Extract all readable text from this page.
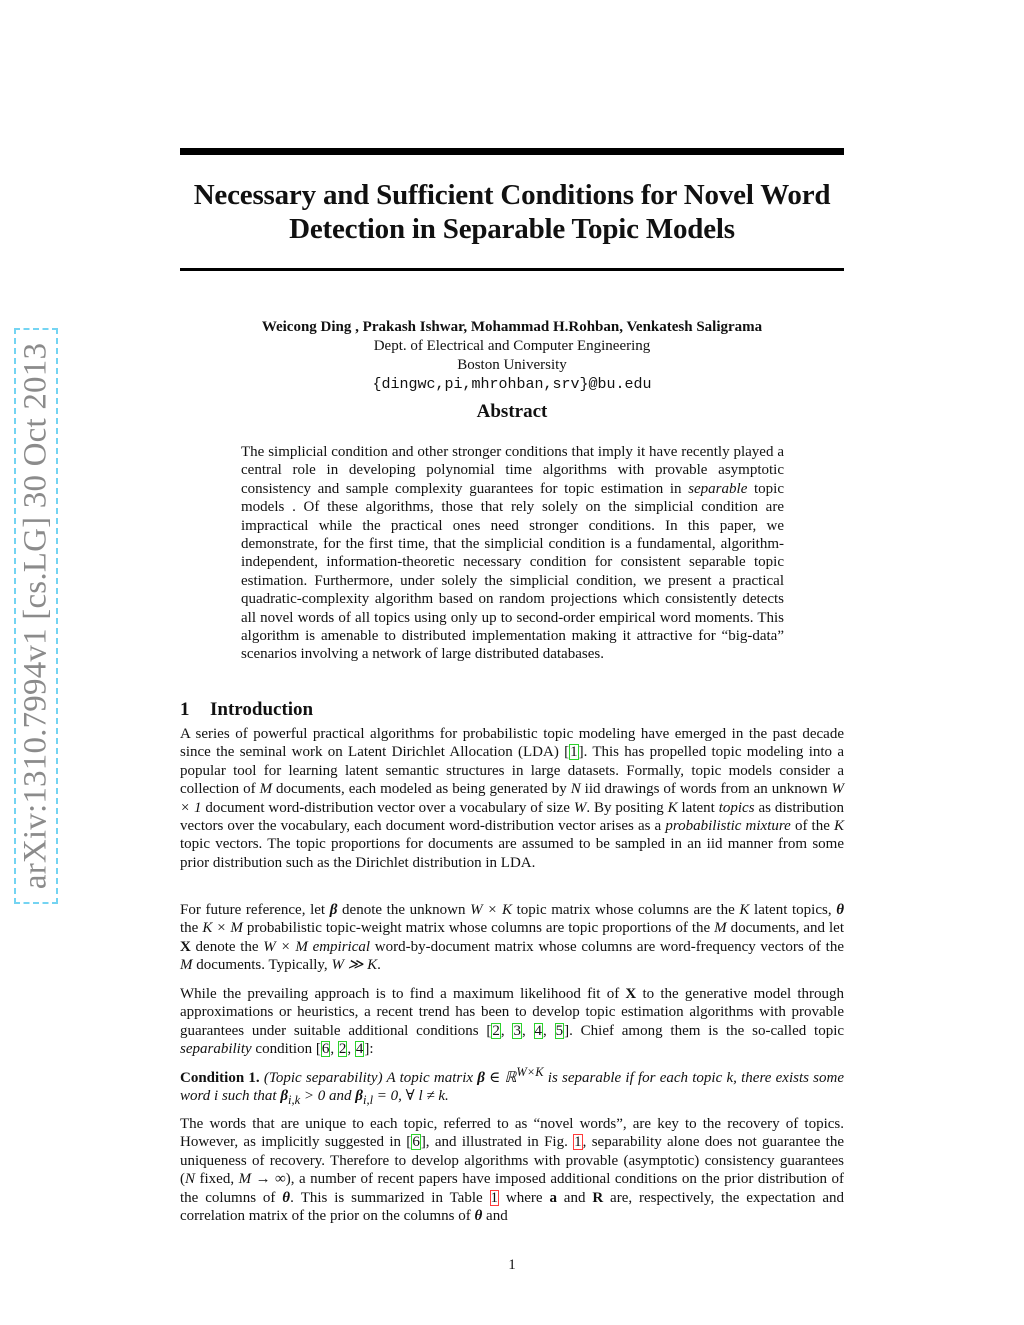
arXiv:1310.7994v1 [cs.LG] 30 Oct 2013
Necessary and Sufficient Conditions for Novel Word
Detection in Separable Topic Models
Weicong Ding , Prakash Ishwar, Mohammad H.Rohban, Venkatesh Saligrama
Dept. of Electrical and Computer Engineering
Boston University
{dingwc,pi,mhrohban,srv}@bu.edu
Abstract
The simplicial condition and other stronger conditions that imply it have recently played a central role in developing polynomial time algorithms with provable asymptotic consistency and sample complexity guarantees for topic estimation in separable topic models . Of these algorithms, those that rely solely on the simplicial condition are impractical while the practical ones need stronger conditions. In this paper, we demonstrate, for the first time, that the simplicial condition is a fundamental, algorithm-independent, information-theoretic necessary condition for consistent separable topic estimation. Furthermore, under solely the simplicial condition, we present a practical quadratic-complexity algorithm based on random projections which consistently detects all novel words of all topics using only up to second-order empirical word moments. This algorithm is amenable to distributed implementation making it attractive for “big-data” scenarios involving a network of large distributed databases.
1 Introduction
A series of powerful practical algorithms for probabilistic topic modeling have emerged in the past decade since the seminal work on Latent Dirichlet Allocation (LDA) [1]. This has propelled topic modeling into a popular tool for learning latent semantic structures in large datasets. Formally, topic models consider a collection of M documents, each modeled as being generated by N iid drawings of words from an unknown W × 1 document word-distribution vector over a vocabulary of size W. By positing K latent topics as distribution vectors over the vocabulary, each document word-distribution vector arises as a probabilistic mixture of the K topic vectors. The topic proportions for documents are assumed to be sampled in an iid manner from some prior distribution such as the Dirichlet distribution in LDA.
For future reference, let β denote the unknown W × K topic matrix whose columns are the K latent topics, θ the K × M probabilistic topic-weight matrix whose columns are topic proportions of the M documents, and let X denote the W × M empirical word-by-document matrix whose columns are word-frequency vectors of the M documents. Typically, W ≫ K.
While the prevailing approach is to find a maximum likelihood fit of X to the generative model through approximations or heuristics, a recent trend has been to develop topic estimation algorithms with provable guarantees under suitable additional conditions [2, 3, 4, 5]. Chief among them is the so-called topic separability condition [6, 2, 4]:
Condition 1. (Topic separability) A topic matrix β ∈ ℝ$^{W\times K}$ is separable if for each topic k, there exists some word i such that $\beta_{i,k} > 0$ and $\beta_{i,l} = 0$, ∀ l ≠ k.
The words that are unique to each topic, referred to as “novel words”, are key to the recovery of topics. However, as implicitly suggested in [6], and illustrated in Fig. 1, separability alone does not guarantee the uniqueness of recovery. Therefore to develop algorithms with provable (asymptotic) consistency guarantees (N fixed, M → ∞), a number of recent papers have imposed additional conditions on the prior distribution of the columns of θ. This is summarized in Table 1 where a and R are, respectively, the expectation and correlation matrix of the prior on the columns of θ and
1
